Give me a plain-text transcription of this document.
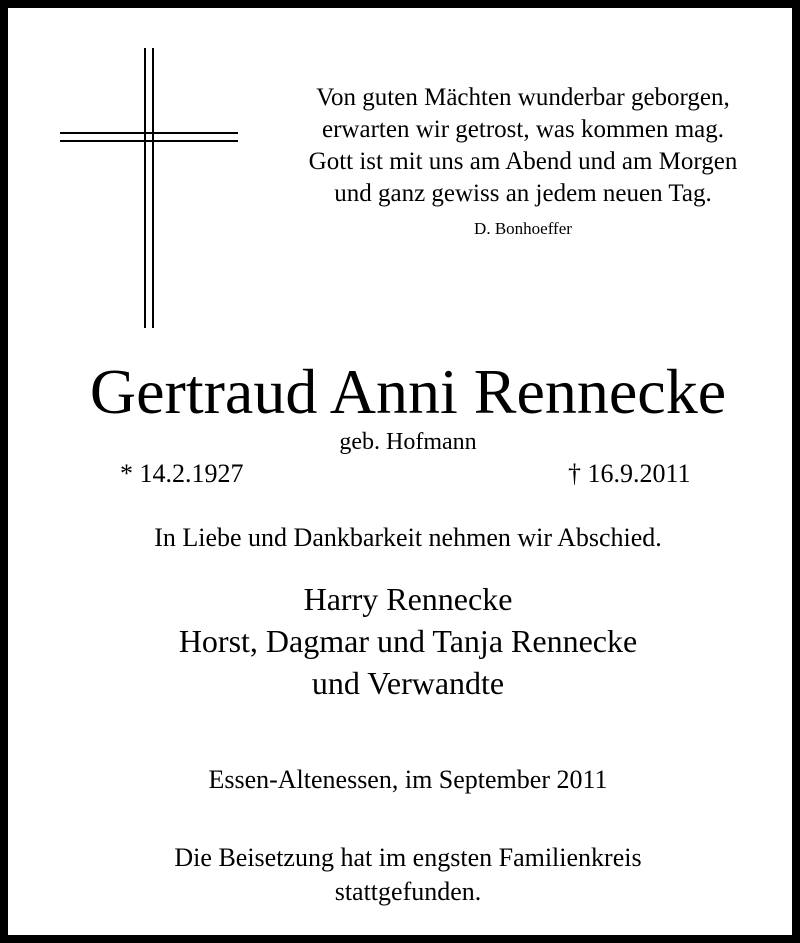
Von guten Mächten wunderbar geborgen,
erwarten wir getrost, was kommen mag.
Gott ist mit uns am Abend und am Morgen
und ganz gewiss an jedem neuen Tag.
D. Bonhoeffer
Gertraud Anni Rennecke
geb. Hofmann
* 14.2.1927	† 16.9.2011
In Liebe und Dankbarkeit nehmen wir Abschied.
Harry Rennecke
Horst, Dagmar und Tanja Rennecke
und Verwandte
Essen-Altenessen, im September 2011
Die Beisetzung hat im engsten Familienkreis
stattgefunden.
